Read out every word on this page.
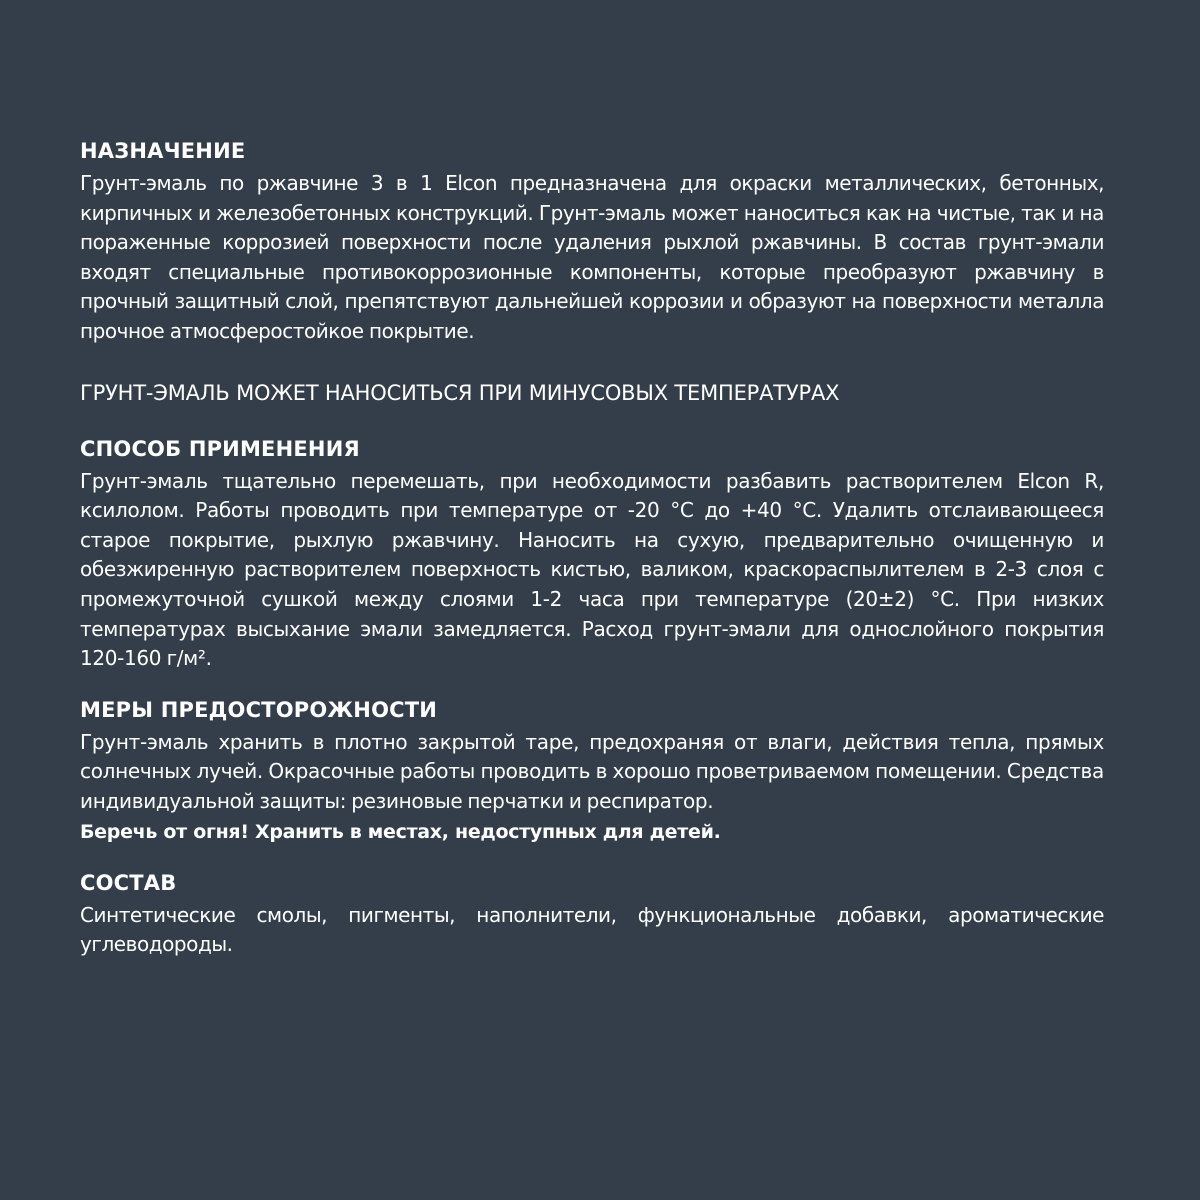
НАЗНАЧЕНИЕ

Грунт-эмаль по ржавчине 3 в 1 Elcon предназначена для окраски металлических, бетонных, кирпичных и железобетонных конструкций. Грунт-эмаль может наноситься как на чистые, так и на пораженные коррозией поверхности после удаления рыхлой ржавчины. В состав грунт-эмали входят специальные противокоррозионные компоненты, которые преобразуют ржавчину в прочный защитный слой, препятствуют дальнейшей коррозии и образуют на поверхности металла прочное атмосферостойкое покрытие.

ГРУНТ-ЭМАЛЬ МОЖЕТ НАНОСИТЬСЯ ПРИ МИНУСОВЫХ ТЕМПЕРАТУРАХ

СПОСОБ ПРИМЕНЕНИЯ

Грунт-эмаль тщательно перемешать, при необходимости разбавить растворителем Elcon R, ксилолом. Работы проводить при температуре от -20 °С до +40 °С. Удалить отслаивающееся старое покрытие, рыхлую ржавчину. Наносить на сухую, предварительно очищенную и обезжиренную растворителем поверхность кистью, валиком, краскораспылителем в 2-3 слоя с промежуточной сушкой между слоями 1-2 часа при температуре (20±2) °С. При низких температурах высыхание эмали замедляется. Расход грунт-эмали для однослойного покрытия 120-160 г/м².

МЕРЫ ПРЕДОСТОРОЖНОСТИ

Грунт-эмаль хранить в плотно закрытой таре, предохраняя от влаги, действия тепла, прямых солнечных лучей. Окрасочные работы проводить в хорошо проветриваемом помещении. Средства индивидуальной защиты: резиновые перчатки и респиратор.

Беречь от огня! Хранить в местах, недоступных для детей.

СОСТАВ

Синтетические смолы, пигменты, наполнители, функциональные добавки, ароматические углеводороды.
